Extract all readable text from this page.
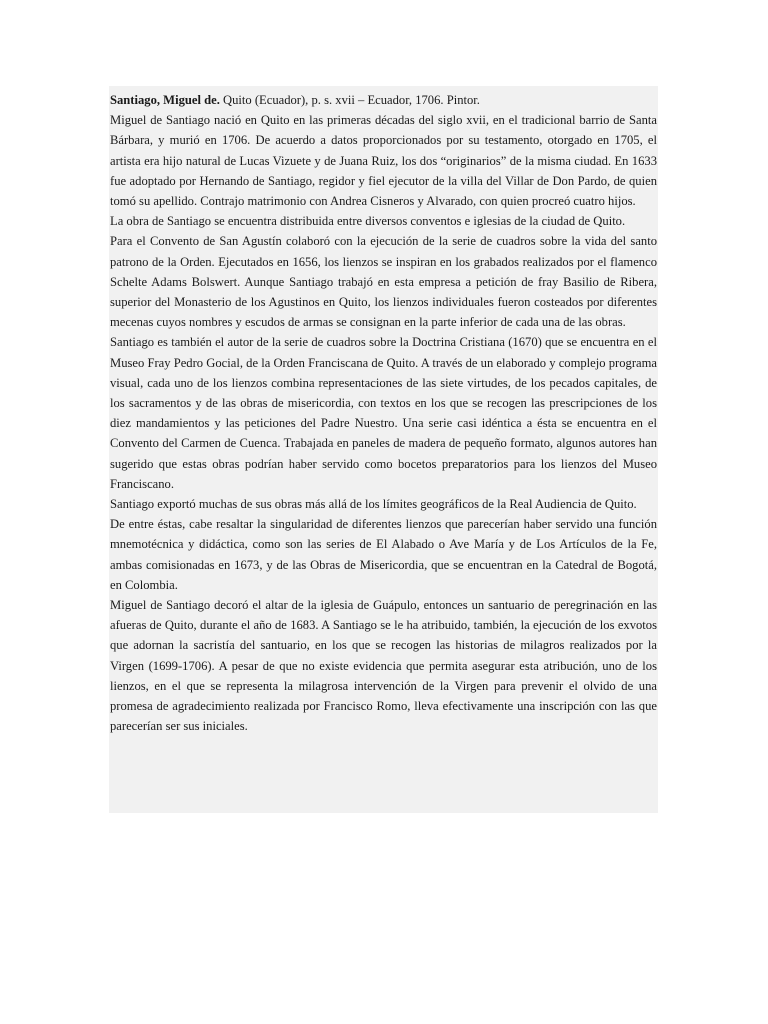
Santiago, Miguel de. Quito (Ecuador), p. s. xvii – Ecuador, 1706. Pintor.

Miguel de Santiago nació en Quito en las primeras décadas del siglo xvii, en el tradicional barrio de Santa Bárbara, y murió en 1706. De acuerdo a datos proporcionados por su testamento, otorgado en 1705, el artista era hijo natural de Lucas Vizuete y de Juana Ruiz, los dos “originarios” de la misma ciudad. En 1633 fue adoptado por Hernando de Santiago, regidor y fiel ejecutor de la villa del Villar de Don Pardo, de quien tomó su apellido. Contrajo matrimonio con Andrea Cisneros y Alvarado, con quien procreó cuatro hijos.

La obra de Santiago se encuentra distribuida entre diversos conventos e iglesias de la ciudad de Quito.

Para el Convento de San Agustín colaboró con la ejecución de la serie de cuadros sobre la vida del santo patrono de la Orden. Ejecutados en 1656, los lienzos se inspiran en los grabados realizados por el flamenco Schelte Adams Bolswert. Aunque Santiago trabajó en esta empresa a petición de fray Basilio de Ribera, superior del Monasterio de los Agustinos en Quito, los lienzos individuales fueron costeados por diferentes mecenas cuyos nombres y escudos de armas se consignan en la parte inferior de cada una de las obras.

Santiago es también el autor de la serie de cuadros sobre la Doctrina Cristiana (1670) que se encuentra en el Museo Fray Pedro Gocial, de la Orden Franciscana de Quito. A través de un elaborado y complejo programa visual, cada uno de los lienzos combina representaciones de las siete virtudes, de los pecados capitales, de los sacramentos y de las obras de misericordia, con textos en los que se recogen las prescripciones de los diez mandamientos y las peticiones del Padre Nuestro. Una serie casi idéntica a ésta se encuentra en el Convento del Carmen de Cuenca. Trabajada en paneles de madera de pequeño formato, algunos autores han sugerido que estas obras podrían haber servido como bocetos preparatorios para los lienzos del Museo Franciscano.

Santiago exportó muchas de sus obras más allá de los límites geográficos de la Real Audiencia de Quito.

De entre éstas, cabe resaltar la singularidad de diferentes lienzos que parecerían haber servido una función mnemotécnica y didáctica, como son las series de El Alabado o Ave María y de Los Artículos de la Fe, ambas comisionadas en 1673, y de las Obras de Misericordia, que se encuentran en la Catedral de Bogotá, en Colombia.

Miguel de Santiago decoró el altar de la iglesia de Guápulo, entonces un santuario de peregrinación en las afueras de Quito, durante el año de 1683. A Santiago se le ha atribuido, también, la ejecución de los exvotos que adornan la sacristía del santuario, en los que se recogen las historias de milagros realizados por la Virgen (1699-1706). A pesar de que no existe evidencia que permita asegurar esta atribución, uno de los lienzos, en el que se representa la milagrosa intervención de la Virgen para prevenir el olvido de una promesa de agradecimiento realizada por Francisco Romo, lleva efectivamente una inscripción con las que parecerían ser sus iniciales.
